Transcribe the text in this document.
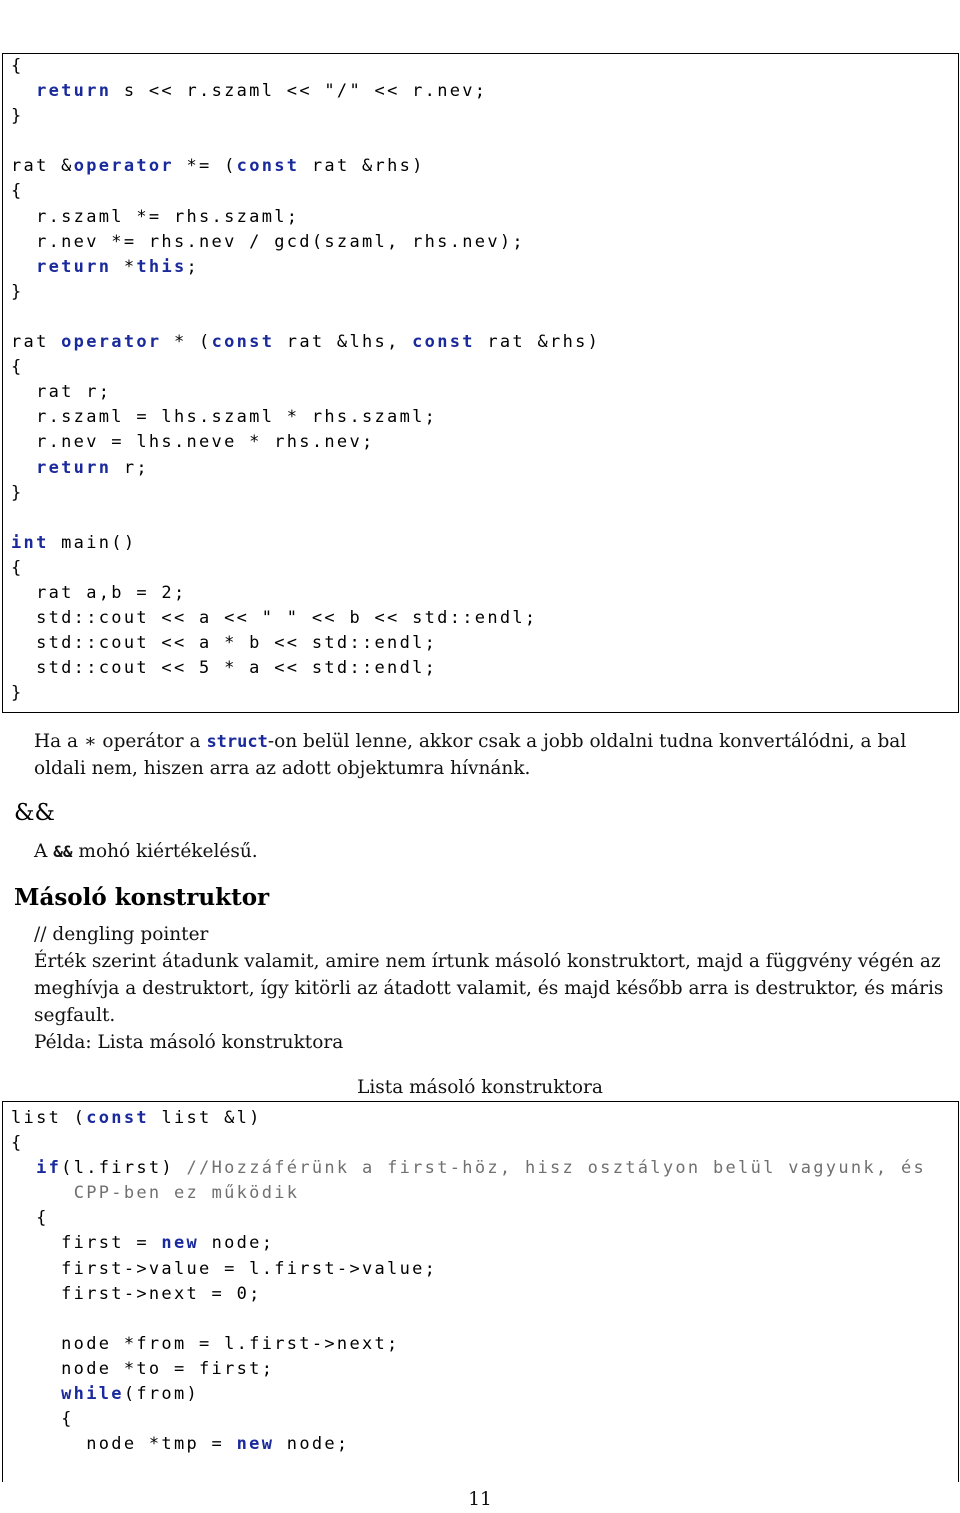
{
return s << r.szaml << "/" << r.nev;
}
rat &operator *= (const rat &rhs)
{
r.szaml *= rhs.szaml;
r.nev *= rhs.nev / gcd(szaml, rhs.nev);
return *this;
}
rat operator * (const rat &lhs, const rat &rhs)
{
rat r;
r.szaml = lhs.szaml * rhs.szaml;
r.nev = lhs.neve * rhs.nev;
return r;
}
int main()
{
rat a,b = 2;
std::cout << a << " " << b << std::endl;
std::cout << a * b << std::endl;
std::cout << 5 * a << std::endl;
}
Ha a ∗ operátor a struct-on belül lenne, akkor csak a jobb oldalni tudna konvertálódni, a bal
oldali nem, hiszen arra az adott objektumra hívnánk.
&&
A && mohó kiértékelésű.
Másoló konstruktor
// dengling pointer
Érték szerint átadunk valamit, amire nem írtunk másoló konstruktort, majd a függvény végén az
meghívja a destruktort, így kitörli az átadott valamit, és majd később arra is destruktor, és máris
segfault.
Példa: Lista másoló konstruktora
Lista másoló konstruktora
list (const list &l)
{
if(l.first) //Hozzáférünk a first-höz, hisz osztályon belül vagyunk, és
CPP-ben ez működik
{
first = new node;
first->value = l.first->value;
first->next = 0;
node *from = l.first->next;
node *to = first;
while(from)
{
node *tmp = new node;
11
